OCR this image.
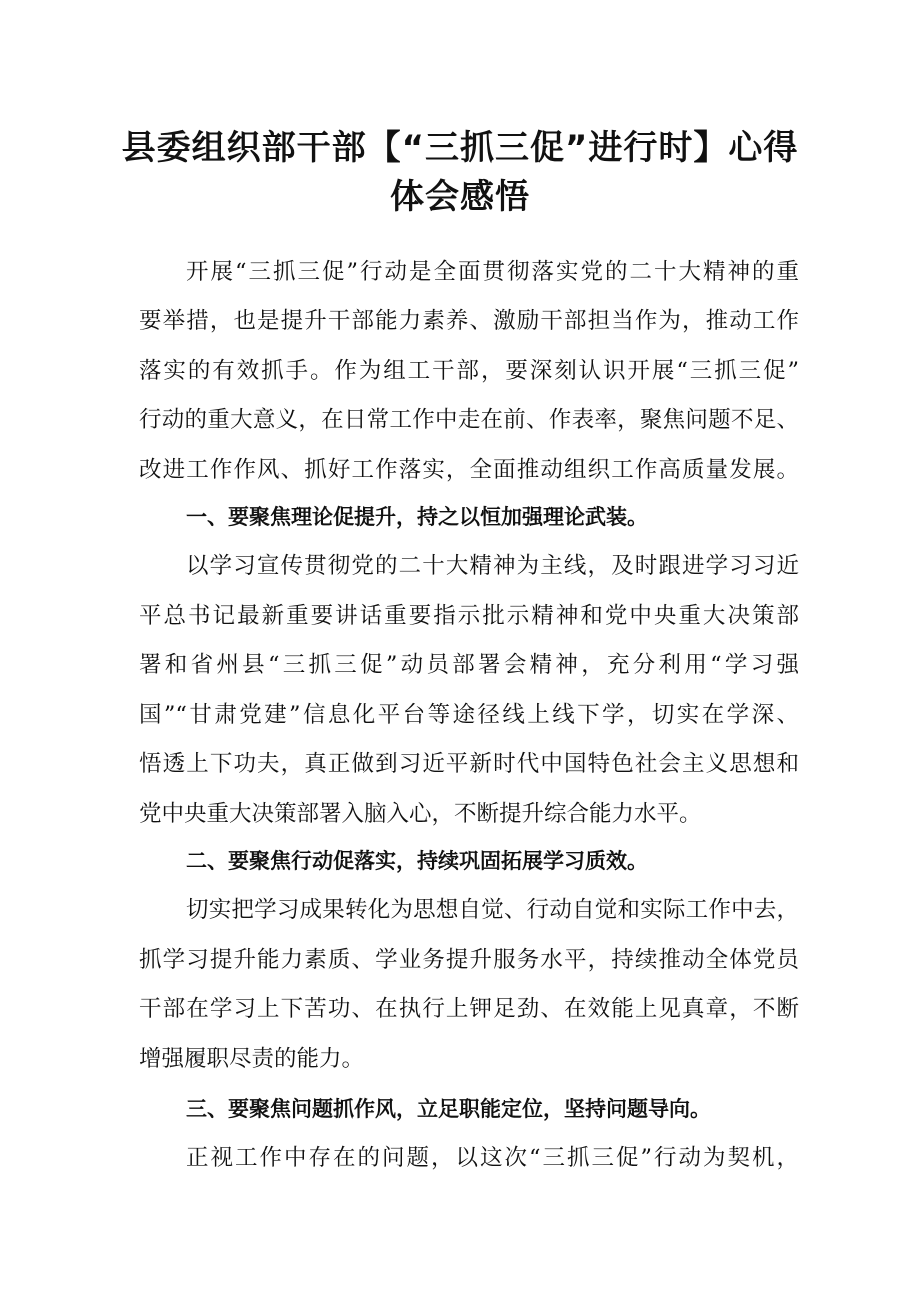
县委组织部干部【“三抓三促”进行时】心得
体会感悟
开展“三抓三促”行动是全面贯彻落实党的二十大精神的重
要举措，也是提升干部能力素养、激励干部担当作为，推动工作
落实的有效抓手。作为组工干部，要深刻认识开展“三抓三促”
行动的重大意义，在日常工作中走在前、作表率，聚焦问题不足、
改进工作作风、抓好工作落实，全面推动组织工作高质量发展。
一、要聚焦理论促提升，持之以恒加强理论武装。
以学习宣传贯彻党的二十大精神为主线，及时跟进学习习近
平总书记最新重要讲话重要指示批示精神和党中央重大决策部
署和省州县“三抓三促”动员部署会精神，充分利用“学习强
国”“甘肃党建”信息化平台等途径线上线下学，切实在学深、
悟透上下功夫，真正做到习近平新时代中国特色社会主义思想和
党中央重大决策部署入脑入心，不断提升综合能力水平。
二、要聚焦行动促落实，持续巩固拓展学习质效。
切实把学习成果转化为思想自觉、行动自觉和实际工作中去，
抓学习提升能力素质、学业务提升服务水平，持续推动全体党员
干部在学习上下苦功、在执行上钾足劲、在效能上见真章，不断
增强履职尽责的能力。
三、要聚焦问题抓作风，立足职能定位，坚持问题导向。
正视工作中存在的问题，以这次“三抓三促”行动为契机，
